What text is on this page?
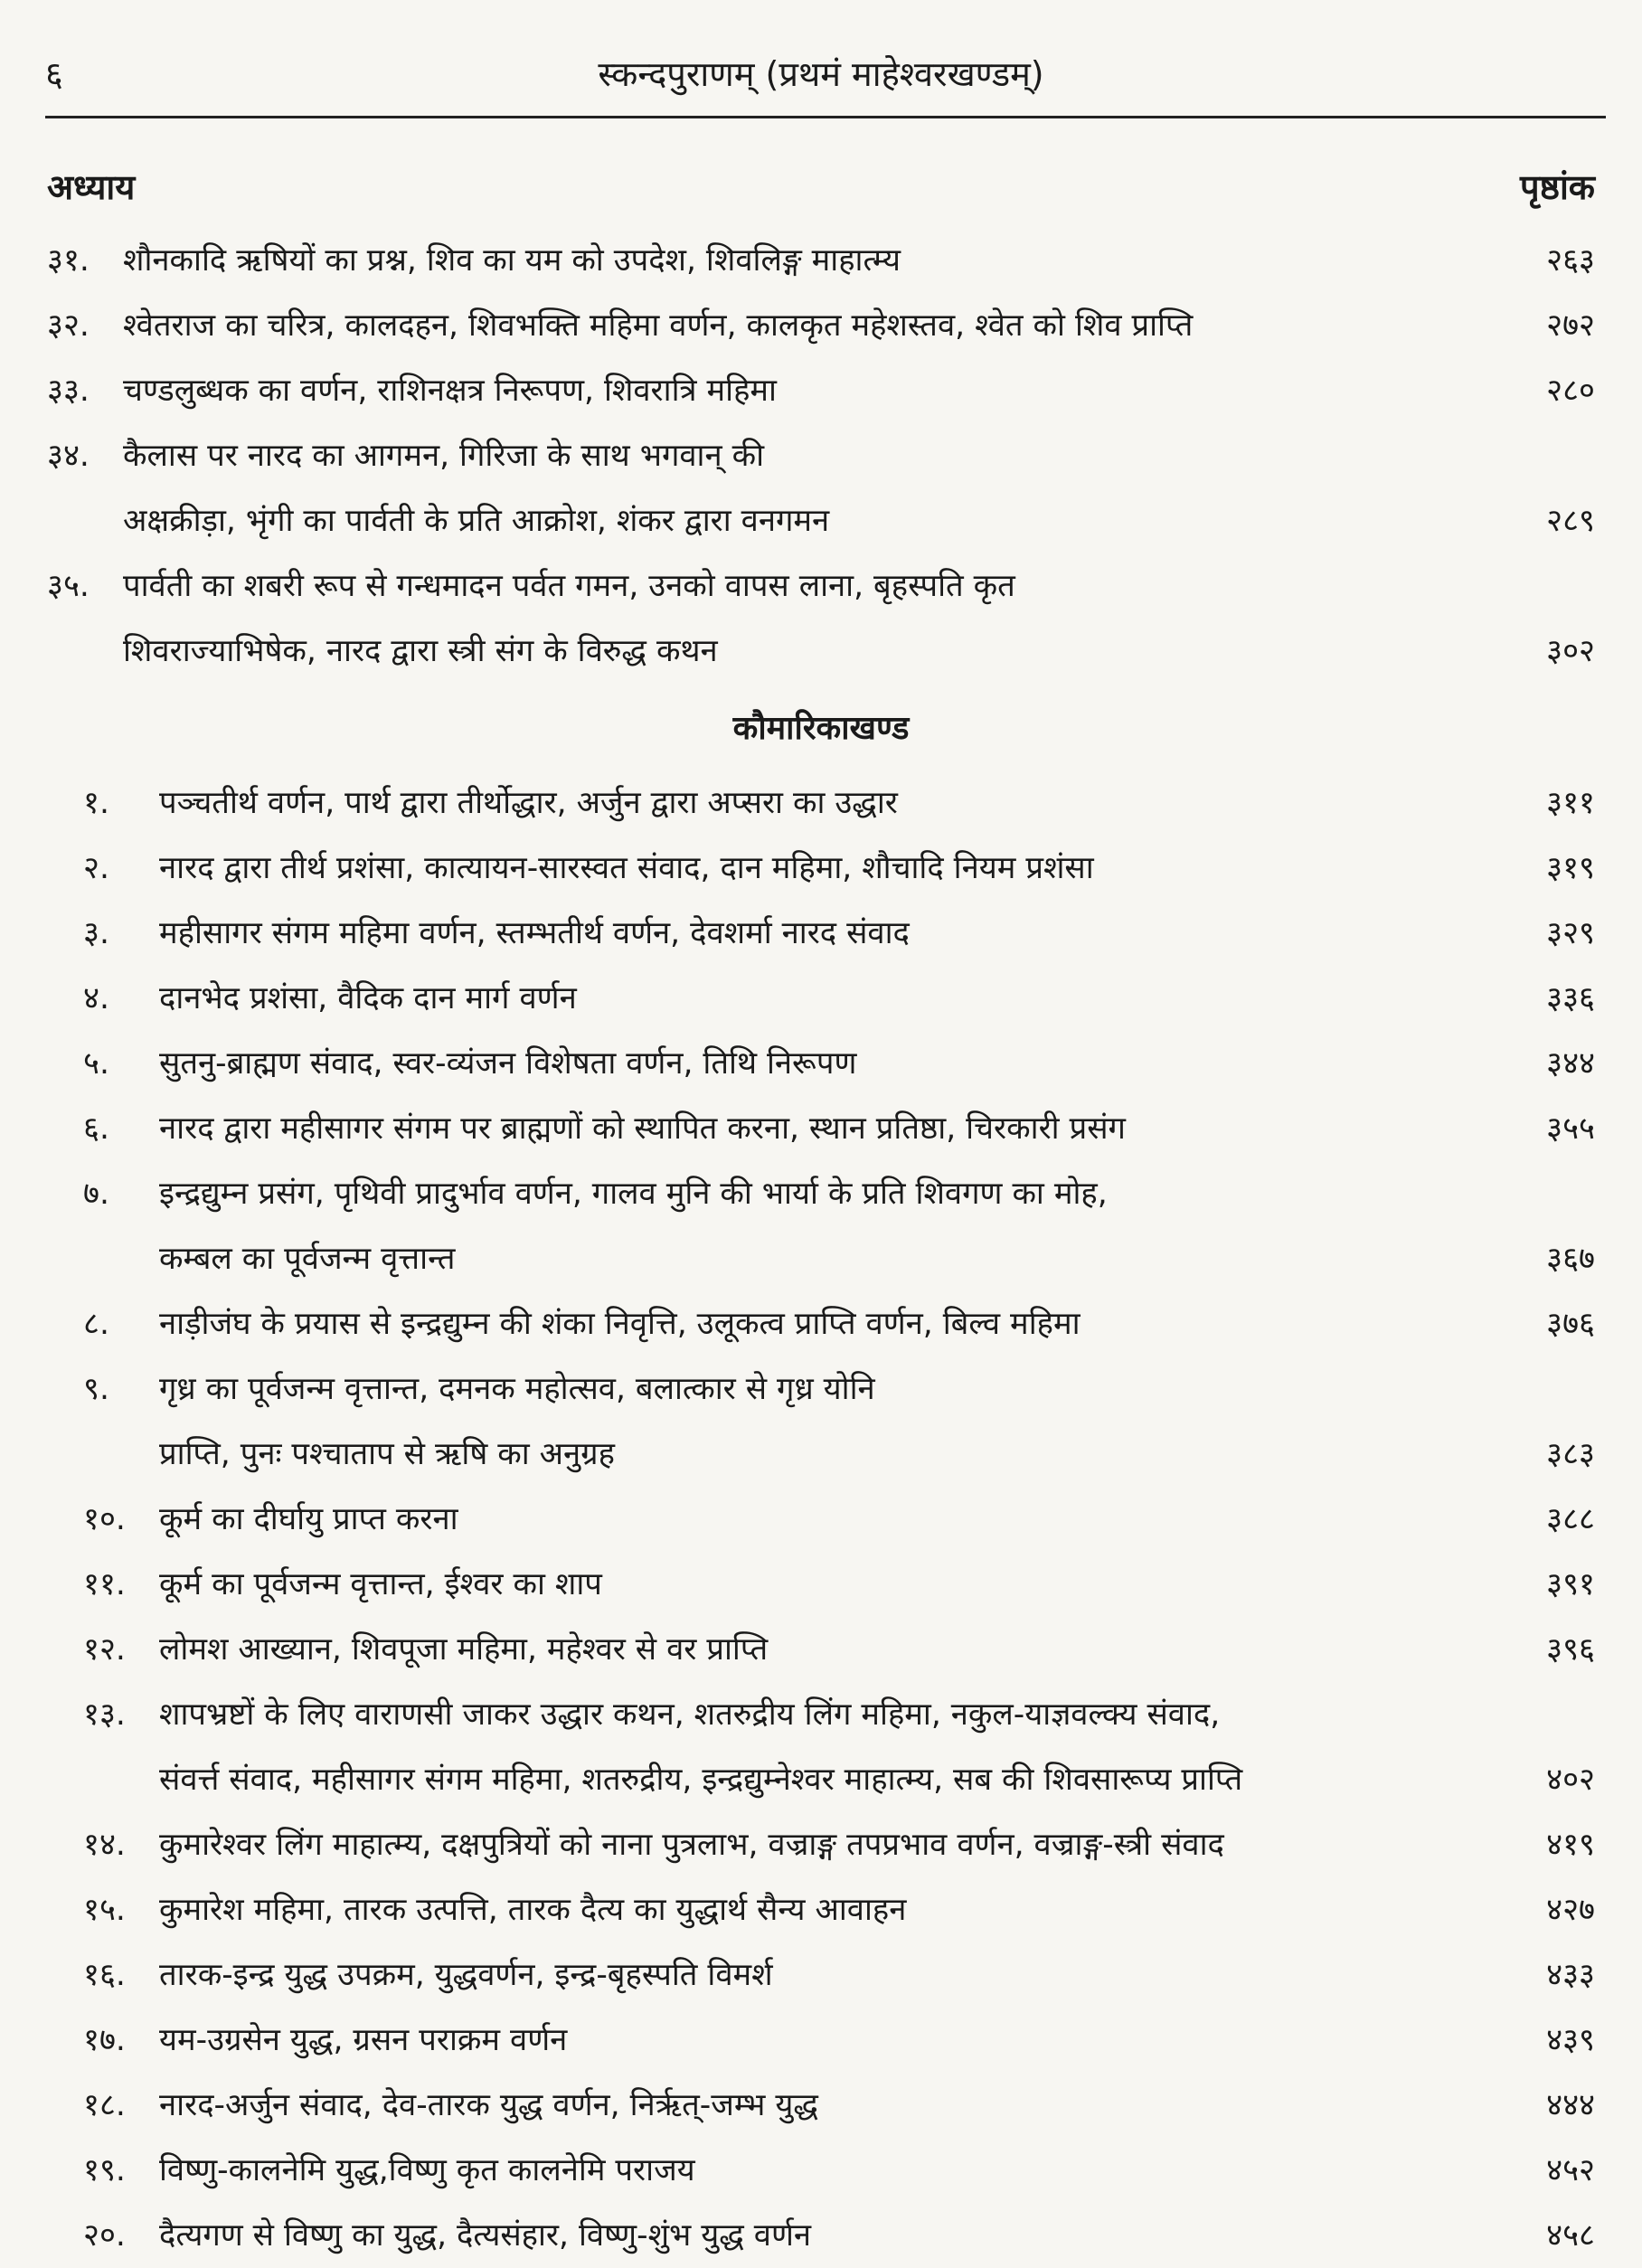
६	स्कन्दपुराणम् (प्रथमं माहेश्वरखण्डम्)
अध्याय	पृष्ठांक
३१.	शौनकादि ऋषियों का प्रश्न, शिव का यम को उपदेश, शिवलिङ्ग माहात्म्य	२६३
३२.	श्वेतराज का चरित्र, कालदहन, शिवभक्ति महिमा वर्णन, कालकृत महेशस्तव, श्वेत को शिव प्राप्ति	२७२
३३.	चण्डलुब्धक का वर्णन, राशिनक्षत्र निरूपण, शिवरात्रि महिमा	२८०
३४.	कैलास पर नारद का आगमन, गिरिजा के साथ भगवान् की
अक्षक्रीड़ा, भृंगी का पार्वती के प्रति आक्रोश, शंकर द्वारा वनगमन	२८९
३५.	पार्वती का शबरी रूप से गन्धमादन पर्वत गमन, उनको वापस लाना, बृहस्पति कृत
शिवराज्याभिषेक, नारद द्वारा स्त्री संग के विरुद्ध कथन	३०२
कौमारिकाखण्ड
१.	पञ्चतीर्थ वर्णन, पार्थ द्वारा तीर्थोद्धार, अर्जुन द्वारा अप्सरा का उद्धार	३११
२.	नारद द्वारा तीर्थ प्रशंसा, कात्यायन-सारस्वत संवाद, दान महिमा, शौचादि नियम प्रशंसा	३१९
३.	महीसागर संगम महिमा वर्णन, स्तम्भतीर्थ वर्णन, देवशर्मा नारद संवाद	३२९
४.	दानभेद प्रशंसा, वैदिक दान मार्ग वर्णन	३३६
५.	सुतनु-ब्राह्मण संवाद, स्वर-व्यंजन विशेषता वर्णन, तिथि निरूपण	३४४
६.	नारद द्वारा महीसागर संगम पर ब्राह्मणों को स्थापित करना, स्थान प्रतिष्ठा, चिरकारी प्रसंग	३५५
७.	इन्द्रद्युम्न प्रसंग, पृथिवी प्रादुर्भाव वर्णन, गालव मुनि की भार्या के प्रति शिवगण का मोह,
कम्बल का पूर्वजन्म वृत्तान्त	३६७
८.	नाड़ीजंघ के प्रयास से इन्द्रद्युम्न की शंका निवृत्ति, उलूकत्व प्राप्ति वर्णन, बिल्व महिमा	३७६
९.	गृध्र का पूर्वजन्म वृत्तान्त, दमनक महोत्सव, बलात्कार से गृध्र योनि
प्राप्ति, पुनः पश्चाताप से ऋषि का अनुग्रह	३८३
१०.	कूर्म का दीर्घायु प्राप्त करना	३८८
११.	कूर्म का पूर्वजन्म वृत्तान्त, ईश्वर का शाप	३९१
१२.	लोमश आख्यान, शिवपूजा महिमा, महेश्वर से वर प्राप्ति	३९६
१३.	शापभ्रष्टों के लिए वाराणसी जाकर उद्धार कथन, शतरुद्रीय लिंग महिमा, नकुल-याज्ञवल्क्य संवाद,
संवर्त्त संवाद, महीसागर संगम महिमा, शतरुद्रीय, इन्द्रद्युम्नेश्वर माहात्म्य, सब की शिवसारूप्य प्राप्ति	४०२
१४.	कुमारेश्वर लिंग माहात्म्य, दक्षपुत्रियों को नाना पुत्रलाभ, वज्राङ्ग तपप्रभाव वर्णन, वज्राङ्ग-स्त्री संवाद	४१९
१५.	कुमारेश महिमा, तारक उत्पत्ति, तारक दैत्य का युद्धार्थ सैन्य आवाहन	४२७
१६.	तारक-इन्द्र युद्ध उपक्रम, युद्धवर्णन, इन्द्र-बृहस्पति विमर्श	४३३
१७.	यम-उग्रसेन युद्ध, ग्रसन पराक्रम वर्णन	४३९
१८.	नारद-अर्जुन संवाद, देव-तारक युद्ध वर्णन, निर्ऋत्-जम्भ युद्ध	४४४
१९.	विष्णु-कालनेमि युद्ध,विष्णु कृत कालनेमि पराजय	४५२
२०.	दैत्यगण से विष्णु का युद्ध, दैत्यसंहार, विष्णु-शुंभ युद्ध वर्णन	४५८
